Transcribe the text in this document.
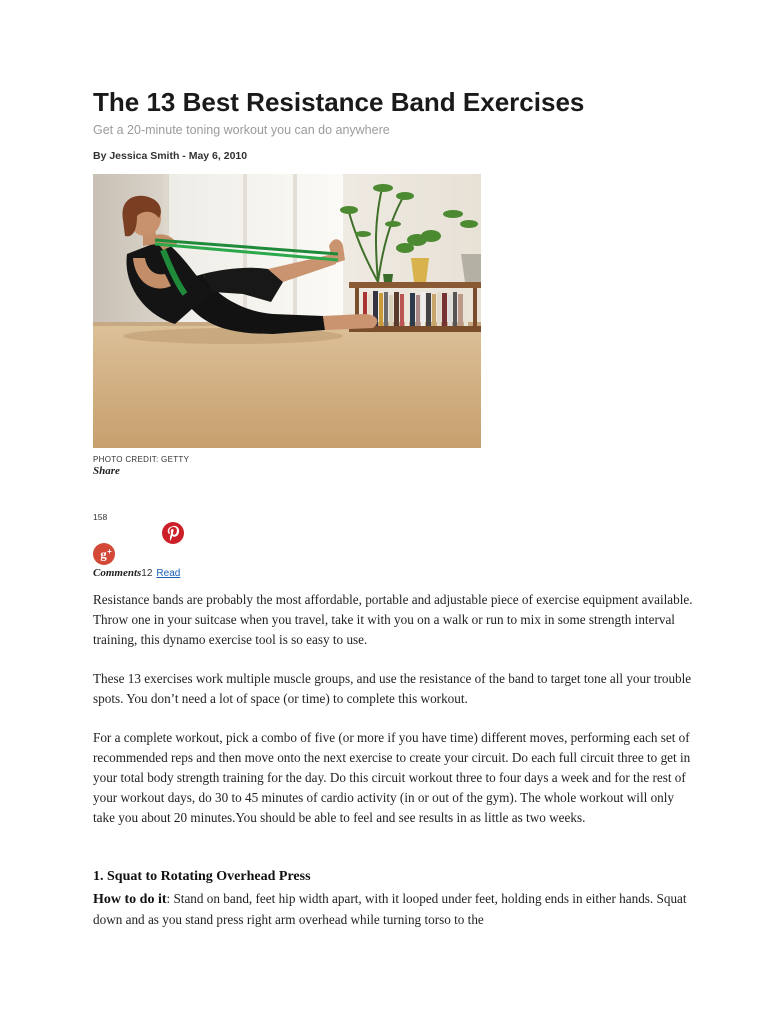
The 13 Best Resistance Band Exercises

Get a 20-minute toning workout you can do anywhere

By Jessica Smith - May 6, 2010

PHOTO CREDIT: GETTY
Share
158
g +
Comments12 Read

Resistance bands are probably the most affordable, portable and adjustable piece of exercise equipment available. Throw one in your suitcase when you travel, take it with you on a walk or run to mix in some strength interval training, this dynamo exercise tool is so easy to use.

These 13 exercises work multiple muscle groups, and use the resistance of the band to target tone all your trouble spots. You don’t need a lot of space (or time) to complete this workout.

For a complete workout, pick a combo of five (or more if you have time) different moves, performing each set of recommended reps and then move onto the next exercise to create your circuit. Do each full circuit three to get in your total body strength training for the day. Do this circuit workout three to four days a week and for the rest of your workout days, do 30 to 45 minutes of cardio activity (in or out of the gym). The whole workout will only take you about 20 minutes.You should be able to feel and see results in as little as two weeks.

1. Squat to Rotating Overhead Press

How to do it: Stand on band, feet hip width apart, with it looped under feet, holding ends in either hands. Squat down and as you stand press right arm overhead while turning torso to the
